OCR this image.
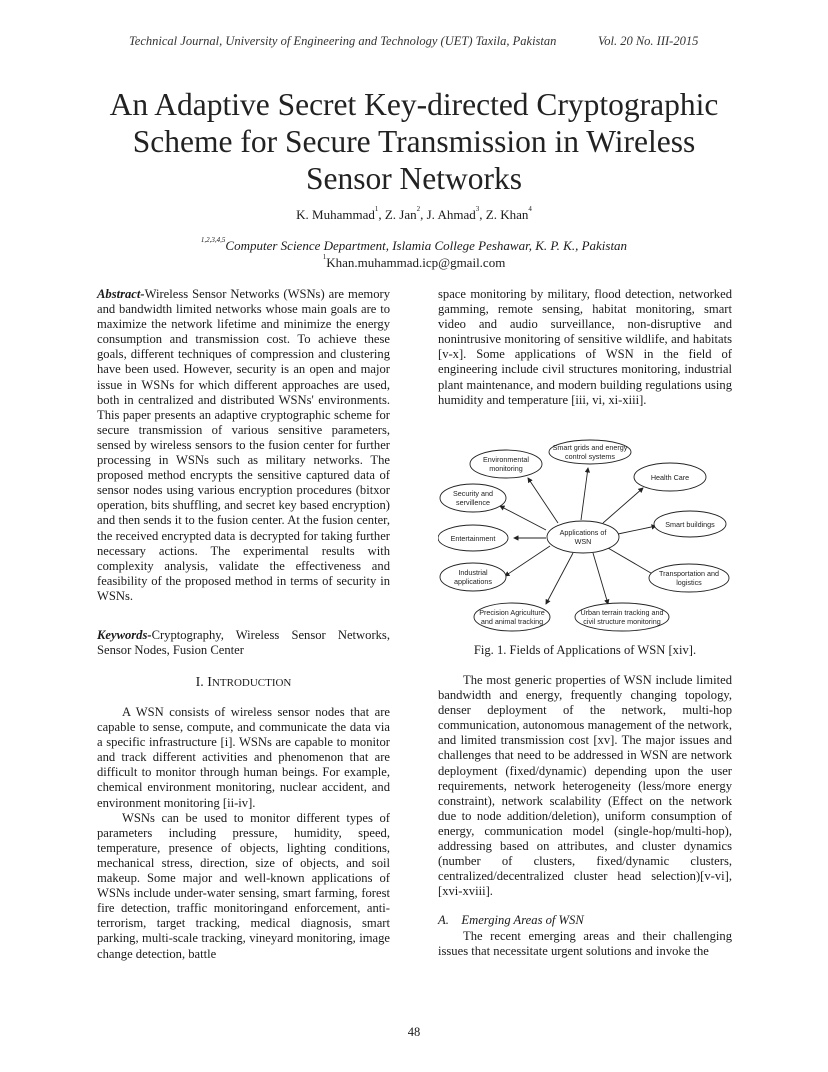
Technical Journal, University of Engineering and Technology (UET) Taxila, Pakistan	Vol. 20 No. III-2015
An Adaptive Secret Key-directed Cryptographic
Scheme for Secure Transmission in Wireless
Sensor Networks
K. Muhammad$^1$, Z. Jan$^2$, J. Ahmad$^3$, Z. Khan$^4$
$^{1,2,3,4,5}$Computer Science Department, Islamia College Peshawar, K. P. K., Pakistan
$^1$Khan.muhammad.icp@gmail.com

Abstract-Wireless Sensor Networks (WSNs) are memory and bandwidth limited networks whose main goals are to maximize the network lifetime and minimize the energy consumption and transmission cost. To achieve these goals, different techniques of compression and clustering have been used. However, security is an open and major issue in WSNs for which different approaches are used, both in centralized and distributed WSNs' environments. This paper presents an adaptive cryptographic scheme for secure transmission of various sensitive parameters, sensed by wireless sensors to the fusion center for further processing in WSNs such as military networks. The proposed method encrypts the sensitive captured data of sensor nodes using various encryption procedures (bitxor operation, bits shuffling, and secret key based encryption) and then sends it to the fusion center. At the fusion center, the received encrypted data is decrypted for taking further necessary actions. The experimental results with complexity analysis, validate the effectiveness and feasibility of the proposed method in terms of security in WSNs.

Keywords-Cryptography, Wireless Sensor Networks, Sensor Nodes, Fusion Center

I. INTRODUCTION

A WSN consists of wireless sensor nodes that are capable to sense, compute, and communicate the data via a specific infrastructure [i]. WSNs are capable to monitor and track different activities and phenomenon that are difficult to monitor through human beings. For example, chemical environment monitoring, nuclear accident, and environment monitoring [ii-iv].

WSNs can be used to monitor different types of parameters including pressure, humidity, speed, temperature, presence of objects, lighting conditions, mechanical stress, direction, size of objects, and soil makeup. Some major and well-known applications of WSNs include under-water sensing, smart farming, forest fire detection, traffic monitoringand enforcement, anti-terrorism, target tracking, medical diagnosis, smart parking, multi-scale tracking, vineyard monitoring, image change detection, battle

space monitoring by military, flood detection, networked gamming, remote sensing, habitat monitoring, smart video and audio surveillance, non-disruptive and nonintrusive monitoring of sensitive wildlife, and habitats [v-x]. Some applications of WSN in the field of engineering include civil structures monitoring, industrial plant maintenance, and modern building regulations using humidity and temperature [iii, vi, xi-xiii].

Applications of
WSN
Smart grids and energy
control systems
Environmental
monitoring
Health Care
Security and
servillence
Smart buildings
Entertainment
Industrial
applications
Transportation and
logistics
Precision Agriculture
and animal tracking
Urban terrain tracking and
civil structure monitoring
Fig. 1. Fields of Applications of WSN [xiv].

The most generic properties of WSN include limited bandwidth and energy, frequently changing topology, denser deployment of the network, multi-hop communication, autonomous management of the network, and limited transmission cost [xv]. The major issues and challenges that need to be addressed in WSN are network deployment (fixed/dynamic) depending upon the user requirements, network heterogeneity (less/more energy constraint), network scalability (Effect on the network due to node addition/deletion), uniform consumption of energy, communication model (single-hop/multi-hop), addressing based on attributes, and cluster dynamics (number of clusters, fixed/dynamic clusters, centralized/decentralized cluster head selection)[v-vi], [xvi-xviii].

A. Emerging Areas of WSN

The recent emerging areas and their challenging issues that necessitate urgent solutions and invoke the

48
